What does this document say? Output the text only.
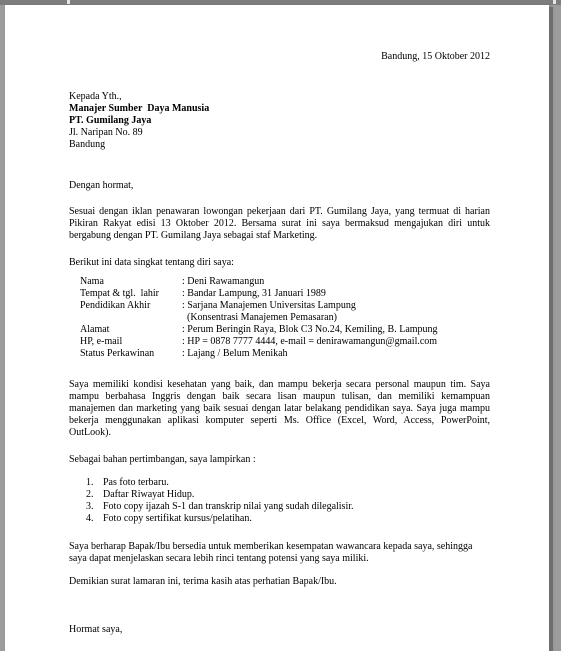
Bandung, 15 Oktober 2012

Kepada Yth.,

Manajer Sumber  Daya Manusia

PT. Gumilang Jaya

Jl. Naripan No. 89

Bandung

Dengan hormat,

Sesuai dengan iklan penawaran lowongan pekerjaan dari PT. Gumilang Jaya, yang termuat di harian Pikiran Rakyat edisi 13 Oktober 2012. Bersama surat ini saya bermaksud mengajukan diri untuk bergabung dengan PT. Gumilang Jaya sebagai staf Marketing.

Berikut ini data singkat tentang diri saya:

Nama	: Deni Rawamangun
Tempat & tgl.  lahir	: Bandar Lampung, 31 Januari 1989
Pendidikan Akhir	: Sarjana Manajemen Universitas Lampung
	(Konsentrasi Manajemen Pemasaran)
Alamat	: Perum Beringin Raya, Blok C3 No.24, Kemiling, B. Lampung
HP, e-mail	: HP = 0878 7777 4444, e-mail = denirawamangun@gmail.com
Status Perkawinan	: Lajang / Belum Menikah

Saya memiliki kondisi kesehatan yang baik, dan mampu bekerja secara personal maupun tim. Saya mampu berbahasa Inggris dengan baik secara lisan maupun tulisan, dan memiliki kemampuan manajemen dan marketing yang baik sesuai dengan latar belakang pendidikan saya. Saya juga mampu bekerja menggunakan aplikasi komputer seperti Ms. Office (Excel, Word, Access, PowerPoint, OutLook).

Sebagai bahan pertimbangan, saya lampirkan :

1. Pas foto terbaru.
2. Daftar Riwayat Hidup.
3. Foto copy ijazah S-1 dan transkrip nilai yang sudah dilegalisir.
4. Foto copy sertifikat kursus/pelatihan.

Saya berharap Bapak/Ibu bersedia untuk memberikan kesempatan wawancara kepada saya, sehingga saya dapat menjelaskan secara lebih rinci tentang potensi yang saya miliki.

Demikian surat lamaran ini, terima kasih atas perhatian Bapak/Ibu.

Hormat saya,
